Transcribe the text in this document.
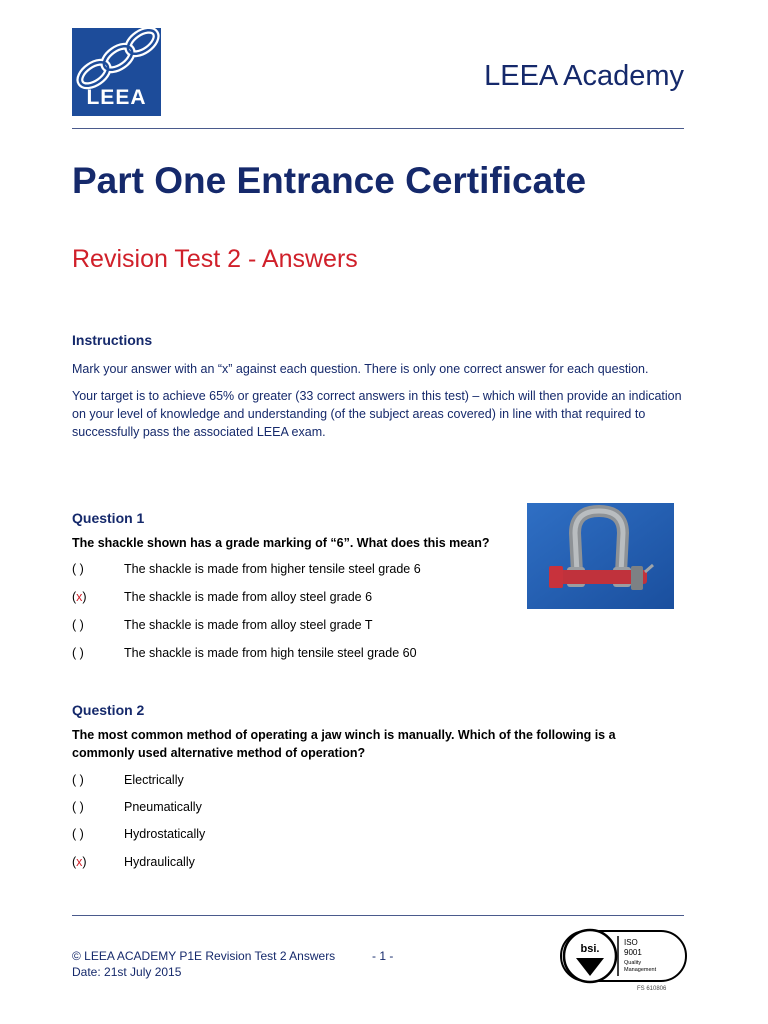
LEEA
LEEA Academy
Part One Entrance Certificate
Revision Test 2 - Answers
Instructions
Mark your answer with an “x” against each question. There is only one correct answer for each question.
Your target is to achieve 65% or greater (33 correct answers in this test) – which will then provide an indication on your level of knowledge and understanding (of the subject areas covered) in line with that required to successfully pass the associated LEEA exam.
Question 1
The shackle shown has a grade marking of “6”. What does this mean?
( )	The shackle is made from higher tensile steel grade 6
(x)	The shackle is made from alloy steel grade 6
( )	The shackle is made from alloy steel grade T
( )	The shackle is made from high tensile steel grade 60
Question 2
The most common method of operating a jaw winch is manually. Which of the following is a commonly used alternative method of operation?
( )	Electrically
( )	Pneumatically
( )	Hydrostatically
(x)	Hydraulically
© LEEA ACADEMY P1E Revision Test 2 Answers	- 1 -
Date: 21st July 2015
bsi.
ISO
9001
Quality
Management
FS 610806
